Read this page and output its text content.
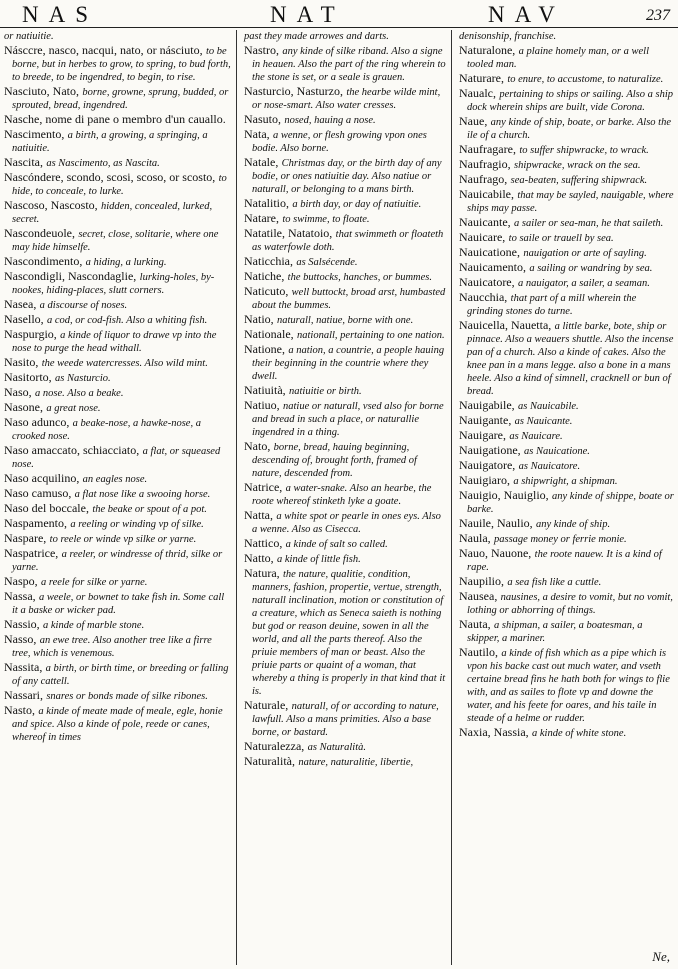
NAS	NAT	NAV	237

or natiuitie.

Násccre, nasco, nacqui, nato, or násciuto, to be borne, but in herbes to grow, to spring, to bud forth, to breede, to be ingendred, to begin, to rise.

Nasciuto, Nato, borne, growne, sprung, budded, or sprouted, bread, ingendred.

Nasche, nome di pane o membro d'un cauallo.

Nascimento, a birth, a growing, a springing, a natiuitie.

Nascita, as Nascimento, as Nascita.

Nascóndere, scondo, scosi, scoso, or scosto, to hide, to conceale, to lurke.

Nascoso, Nascosto, hidden, concealed, lurked, secret.

Nascondeuole, secret, close, solitarie, where one may hide himselfe.

Nascondimento, a hiding, a lurking.

Nascondigli, Nascondaglie, lurking-holes, by-nookes, hiding-places, slutt corners.

Nasea, a discourse of noses.

Nasello, a cod, or cod-fish. Also a whiting fish.

Naspurgio, a kinde of liquor to drawe vp into the nose to purge the head withall.

Nasito, the weede watercresses. Also wild mint.

Nasitorto, as Nasturcio.

Naso, a nose. Also a beake.

Nasone, a great nose.

Naso adunco, a beake-nose, a hawke-nose, a crooked nose.

Naso amaccato, schiacciato, a flat, or squeased nose.

Naso acquilino, an eagles nose.

Naso camuso, a flat nose like a swooing horse.

Naso del boccale, the beake or spout of a pot.

Naspamento, a reeling or winding vp of silke.

Naspare, to reele or winde vp silke or yarne.

Naspatrice, a reeler, or windresse of thrid, silke or yarne.

Naspo, a reele for silke or yarne.

Nassa, a weele, or bownet to take fish in. Some call it a baske or wicker pad.

Nassio, a kinde of marble stone.

Nasso, an ewe tree. Also another tree like a firre tree, which is venemous.

Nassita, a birth, or birth time, or breeding or falling of any cattell.

Nassari, snares or bonds made of silke ribones.

Nasto, a kinde of meate made of meale, egle, honie and spice. Also a kinde of pole, reede or canes, whereof in times

past they made arrowes and darts.

Nastro, any kinde of silke riband. Also a signe in heauen. Also the part of the ring wherein to the stone is set, or a seale is grauen.

Nasturcio, Nasturzo, the hearbe wilde mint, or nose-smart. Also water cresses.

Nasuto, nosed, hauing a nose.

Nata, a wenne, or flesh growing vpon ones bodie. Also borne.

Natale, Christmas day, or the birth day of any bodie, or ones natiuitie day. Also natiue or naturall, or belonging to a mans birth.

Natalitio, a birth day, or day of natiuitie.

Natare, to swimme, to floate.

Natatile, Natatoio, that swimmeth or floateth as waterfowle doth.

Naticchia, as Salsécende.

Natiche, the buttocks, hanches, or bummes.

Naticuto, well buttockt, broad arst, humbasted about the bummes.

Natio, naturall, natiue, borne with one.

Nationale, nationall, pertaining to one nation.

Natione, a nation, a countrie, a people hauing their beginning in the countrie where they dwell.

Natiuità, natiuitie or birth.

Natiuo, natiue or naturall, vsed also for borne and bread in such a place, or naturallie ingendred in a thing.

Nato, borne, bread, hauing beginning, descending of, brought forth, framed of nature, descended from.

Natrice, a water-snake. Also an hearbe, the roote whereof stinketh lyke a goate.

Natta, a white spot or pearle in ones eys. Also a wenne. Also as Cisecca.

Nattico, a kinde of salt so called.

Natto, a kinde of little fish.

Natura, the nature, qualitie, condition, manners, fashion, propertie, vertue, strength, naturall inclination, motion or constitution of a creature, which as Seneca saieth is nothing but god or reason deuine, sowen in all the world, and all the parts thereof. Also the priuie members of man or beast. Also the priuie parts or quaint of a woman, that whereby a thing is properly in that kind that it is.

Naturale, naturall, of or according to nature, lawfull. Also a mans primities. Also a base borne, or bastard.

Naturalezza, as Naturalità.

Naturalità, nature, naturalitie, libertie,

denisonship, franchise.

Naturalone, a plaine homely man, or a well tooled man.

Naturare, to enure, to accustome, to naturalize.

Naualc, pertaining to ships or sailing. Also a ship dock wherein ships are built, vide Corona.

Naue, any kinde of ship, boate, or barke. Also the ile of a church.

Naufragare, to suffer shipwracke, to wrack.

Naufragio, shipwracke, wrack on the sea.

Naufrago, sea-beaten, suffering shipwrack.

Nauicabile, that may be sayled, nauigable, where ships may passe.

Nauicante, a sailer or sea-man, he that saileth.

Nauicare, to saile or trauell by sea.

Nauicatione, nauigation or arte of sayling.

Nauicamento, a sailing or wandring by sea.

Nauicatore, a nauigator, a sailer, a seaman.

Naucchia, that part of a mill wherein the grinding stones do turne.

Nauicella, Nauetta, a little barke, bote, ship or pinnace. Also a weauers shuttle. Also the incense pan of a church. Also a kinde of cakes. Also the knee pan in a mans legge. also a bone in a mans heele. Also a kind of simnell, cracknell or bun of bread.

Nauigabile, as Nauicabile.

Nauigante, as Nauicante.

Nauigare, as Nauicare.

Nauigatione, as Nauicatione.

Nauigatore, as Nauicatore.

Nauigiaro, a shipwright, a shipman.

Nauigio, Nauiglio, any kinde of shippe, boate or barke.

Nauile, Naulio, any kinde of ship.

Naula, passage money or ferrie monie.

Nauo, Nauone, the roote nauew. It is a kind of rape.

Naupilio, a sea fish like a cuttle.

Nausea, nausines, a desire to vomit, but no vomit, lothing or abhorring of things.

Nauta, a shipman, a sailer, a boatesman, a skipper, a mariner.

Nautilo, a kinde of fish which as a pipe which is vpon his backe cast out much water, and vseth certaine bread fins he hath both for wings to flie with, and as sailes to flote vp and downe the water, and his feete for oares, and his taile in steade of a helme or rudder.

Naxia, Nassia, a kinde of white stone.

Ne,
